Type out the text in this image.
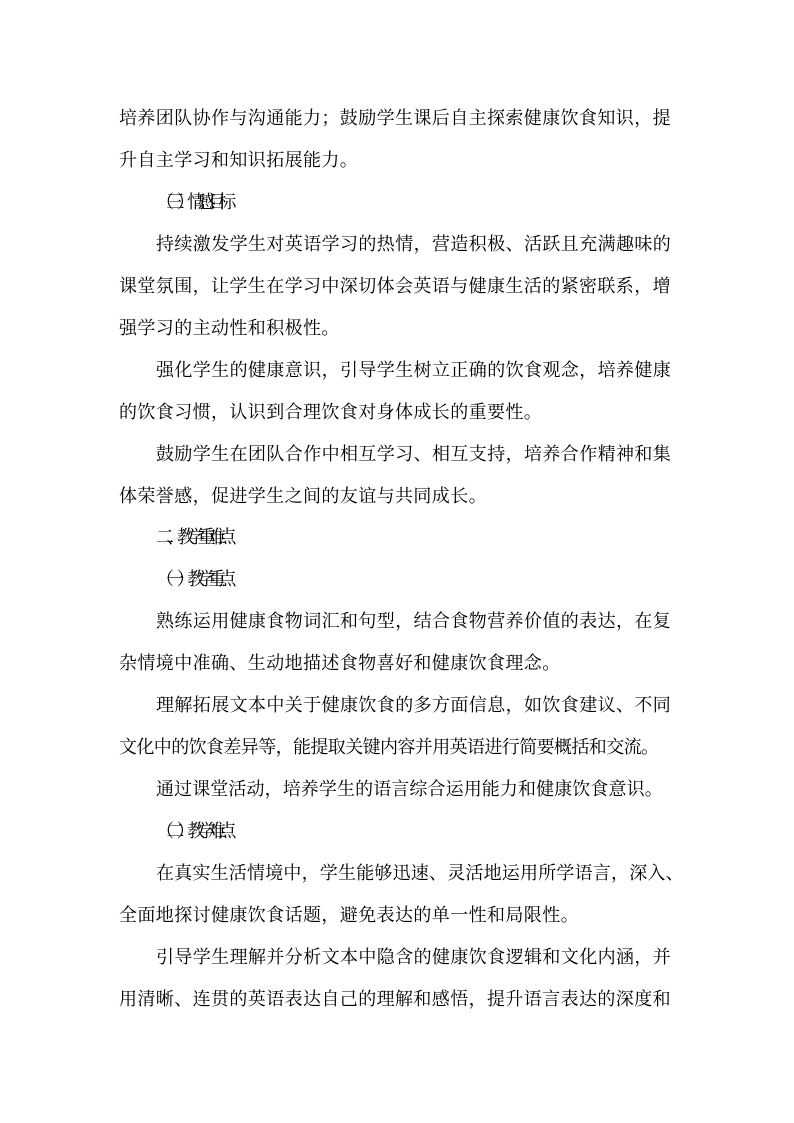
培养团队协作与沟通能力；鼓励学生课后自主探索健康饮食知识，提
升自主学习和知识拓展能力。
（三）情感目标
持续激发学生对英语学习的热情，营造积极、活跃且充满趣味的
课堂氛围，让学生在学习中深切体会英语与健康生活的紧密联系，增
强学习的主动性和积极性。
强化学生的健康意识，引导学生树立正确的饮食观念，培养健康
的饮食习惯，认识到合理饮食对身体成长的重要性。
鼓励学生在团队合作中相互学习、相互支持，培养合作精神和集
体荣誉感，促进学生之间的友谊与共同成长。
二、教学重难点
（一）教学重点
熟练运用健康食物词汇和句型，结合食物营养价值的表达，在复
杂情境中准确、生动地描述食物喜好和健康饮食理念。
理解拓展文本中关于健康饮食的多方面信息，如饮食建议、不同
文化中的饮食差异等，能提取关键内容并用英语进行简要概括和交流。
通过课堂活动，培养学生的语言综合运用能力和健康饮食意识。
（二）教学难点
在真实生活情境中，学生能够迅速、灵活地运用所学语言，深入、
全面地探讨健康饮食话题，避免表达的单一性和局限性。
引导学生理解并分析文本中隐含的健康饮食逻辑和文化内涵，并
用清晰、连贯的英语表达自己的理解和感悟，提升语言表达的深度和
